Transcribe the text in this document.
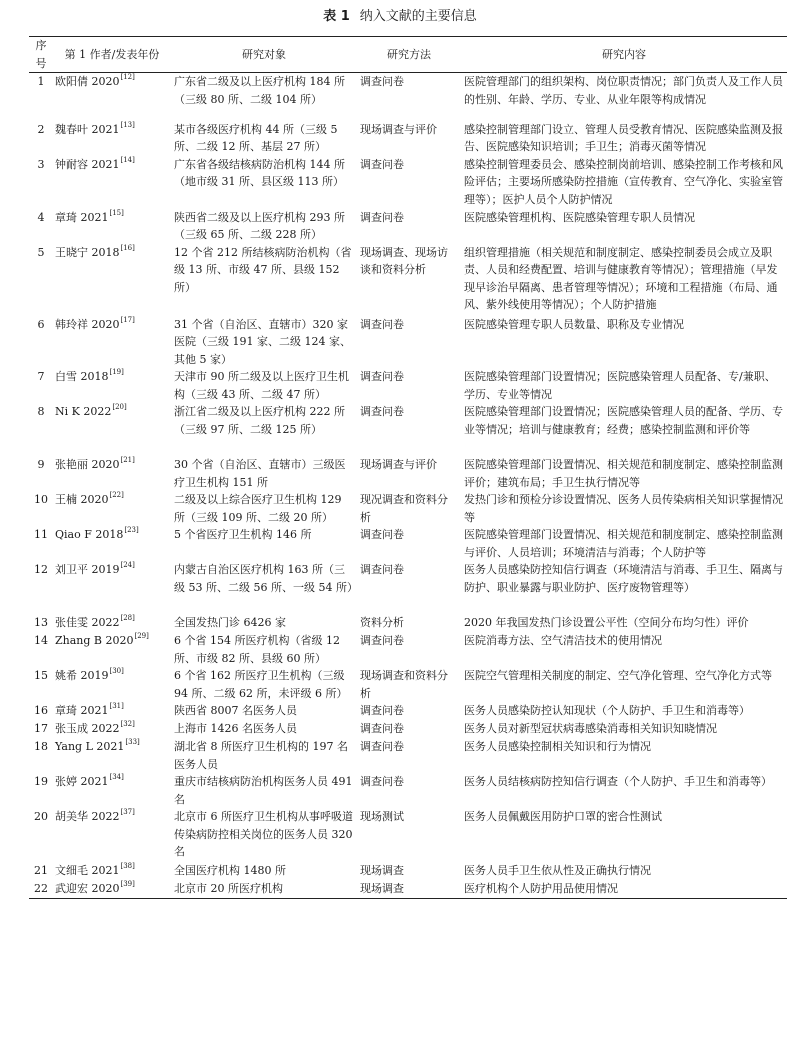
表 1 纳入文献的主要信息
序号	第 1 作者/发表年份	研究对象	研究方法	研究内容
1	欧阳倩 2020[12]	广东省二级及以上医疗机构 184 所（三级 80 所、二级 104 所）	调查问卷	医院管理部门的组织架构、岗位职责情况；部门负责人及工作人员的性别、年龄、学历、专业、从业年限等构成情况
2	魏春叶 2021[13]	某市各级医疗机构 44 所（三级 5 所、二级 12 所、基层 27 所）	现场调查与评价	感染控制管理部门设立、管理人员受教育情况、医院感染监测及报告、医院感染知识培训；手卫生；消毒灭菌等情况
3	钟耐容 2021[14]	广东省各级结核病防治机构 144 所（地市级 31 所、县区级 113 所）	调查问卷	感染控制管理委员会、感染控制岗前培训、感染控制工作考核和风险评估；主要场所感染防控措施（宣传教育、空气净化、实验室管理等）；医护人员个人防护情况
4	章琦 2021[15]	陕西省二级及以上医疗机构 293 所（三级 65 所、二级 228 所）	调查问卷	医院感染管理机构、医院感染管理专职人员情况
5	王晓宁 2018[16]	12 个省 212 所结核病防治机构（省级 13 所、市级 47 所、县级 152 所）	现场调查、现场访谈和资料分析	组织管理措施（相关规范和制度制定、感染控制委员会成立及职责、人员和经费配置、培训与健康教育等情况）；管理措施（早发现早诊治早隔离、患者管理等情况）；环境和工程措施（布局、通风、紫外线使用等情况）；个人防护措施
6	韩玲祥 2020[17]	31 个省（自治区、直辖市）320 家医院（三级 191 家、二级 124 家、其他 5 家）	调查问卷	医院感染管理专职人员数量、职称及专业情况
7	白雪 2018[19]	天津市 90 所二级及以上医疗卫生机构（三级 43 所、二级 47 所）	调查问卷	医院感染管理部门设置情况；医院感染管理人员配备、专/兼职、学历、专业等情况
8	Ni K 2022[20]	浙江省二级及以上医疗机构 222 所（三级 97 所、二级 125 所）	调查问卷	医院感染管理部门设置情况；医院感染管理人员的配备、学历、专业等情况；培训与健康教育；经费；感染控制监测和评价等
9	张艳丽 2020[21]	30 个省（自治区、直辖市）三级医疗卫生机构 151 所	现场调查与评价	医院感染管理部门设置情况、相关规范和制度制定、感染控制监测评价；建筑布局；手卫生执行情况等
10	王楠 2020[22]	二级及以上综合医疗卫生机构 129 所（三级 109 所、二级 20 所）	现况调查和资料分析	发热门诊和预检分诊设置情况、医务人员传染病相关知识掌握情况等
11	Qiao F 2018[23]	5 个省医疗卫生机构 146 所	调查问卷	医院感染管理部门设置情况、相关规范和制度制定、感染控制监测与评价、人员培训；环境清洁与消毒；个人防护等
12	刘卫平 2019[24]	内蒙古自治区医疗机构 163 所（三级 53 所、二级 56 所、一级 54 所）	调查问卷	医务人员感染防控知信行调查（环境清洁与消毒、手卫生、隔离与防护、职业暴露与职业防护、医疗废物管理等）
13	张佳雯 2022[28]	全国发热门诊 6426 家	资料分析	2020 年我国发热门诊设置公平性（空间分布均匀性）评价
14	Zhang B 2020[29]	6 个省 154 所医疗机构（省级 12 所、市级 82 所、县级 60 所）	调查问卷	医院消毒方法、空气清洁技术的使用情况
15	姚希 2019[30]	6 个省 162 所医疗卫生机构（三级 94 所、二级 62 所，未评级 6 所）	现场调查和资料分析	医院空气管理相关制度的制定、空气净化管理、空气净化方式等
16	章琦 2021[31]	陕西省 8007 名医务人员	调查问卷	医务人员感染防控认知现状（个人防护、手卫生和消毒等）
17	张玉成 2022[32]	上海市 1426 名医务人员	调查问卷	医务人员对新型冠状病毒感染消毒相关知识知晓情况
18	Yang L 2021[33]	湖北省 8 所医疗卫生机构的 197 名医务人员	调查问卷	医务人员感染控制相关知识和行为情况
19	张婷 2021[34]	重庆市结核病防治机构医务人员 491 名	调查问卷	医务人员结核病防控知信行调查（个人防护、手卫生和消毒等）
20	胡美华 2022[37]	北京市 6 所医疗卫生机构从事呼吸道传染病防控相关岗位的医务人员 320 名	现场测试	医务人员佩戴医用防护口罩的密合性测试
21	文细毛 2021[38]	全国医疗机构 1480 所	现场调查	医务人员手卫生依从性及正确执行情况
22	武迎宏 2020[39]	北京市 20 所医疗机构	现场调查	医疗机构个人防护用品使用情况
